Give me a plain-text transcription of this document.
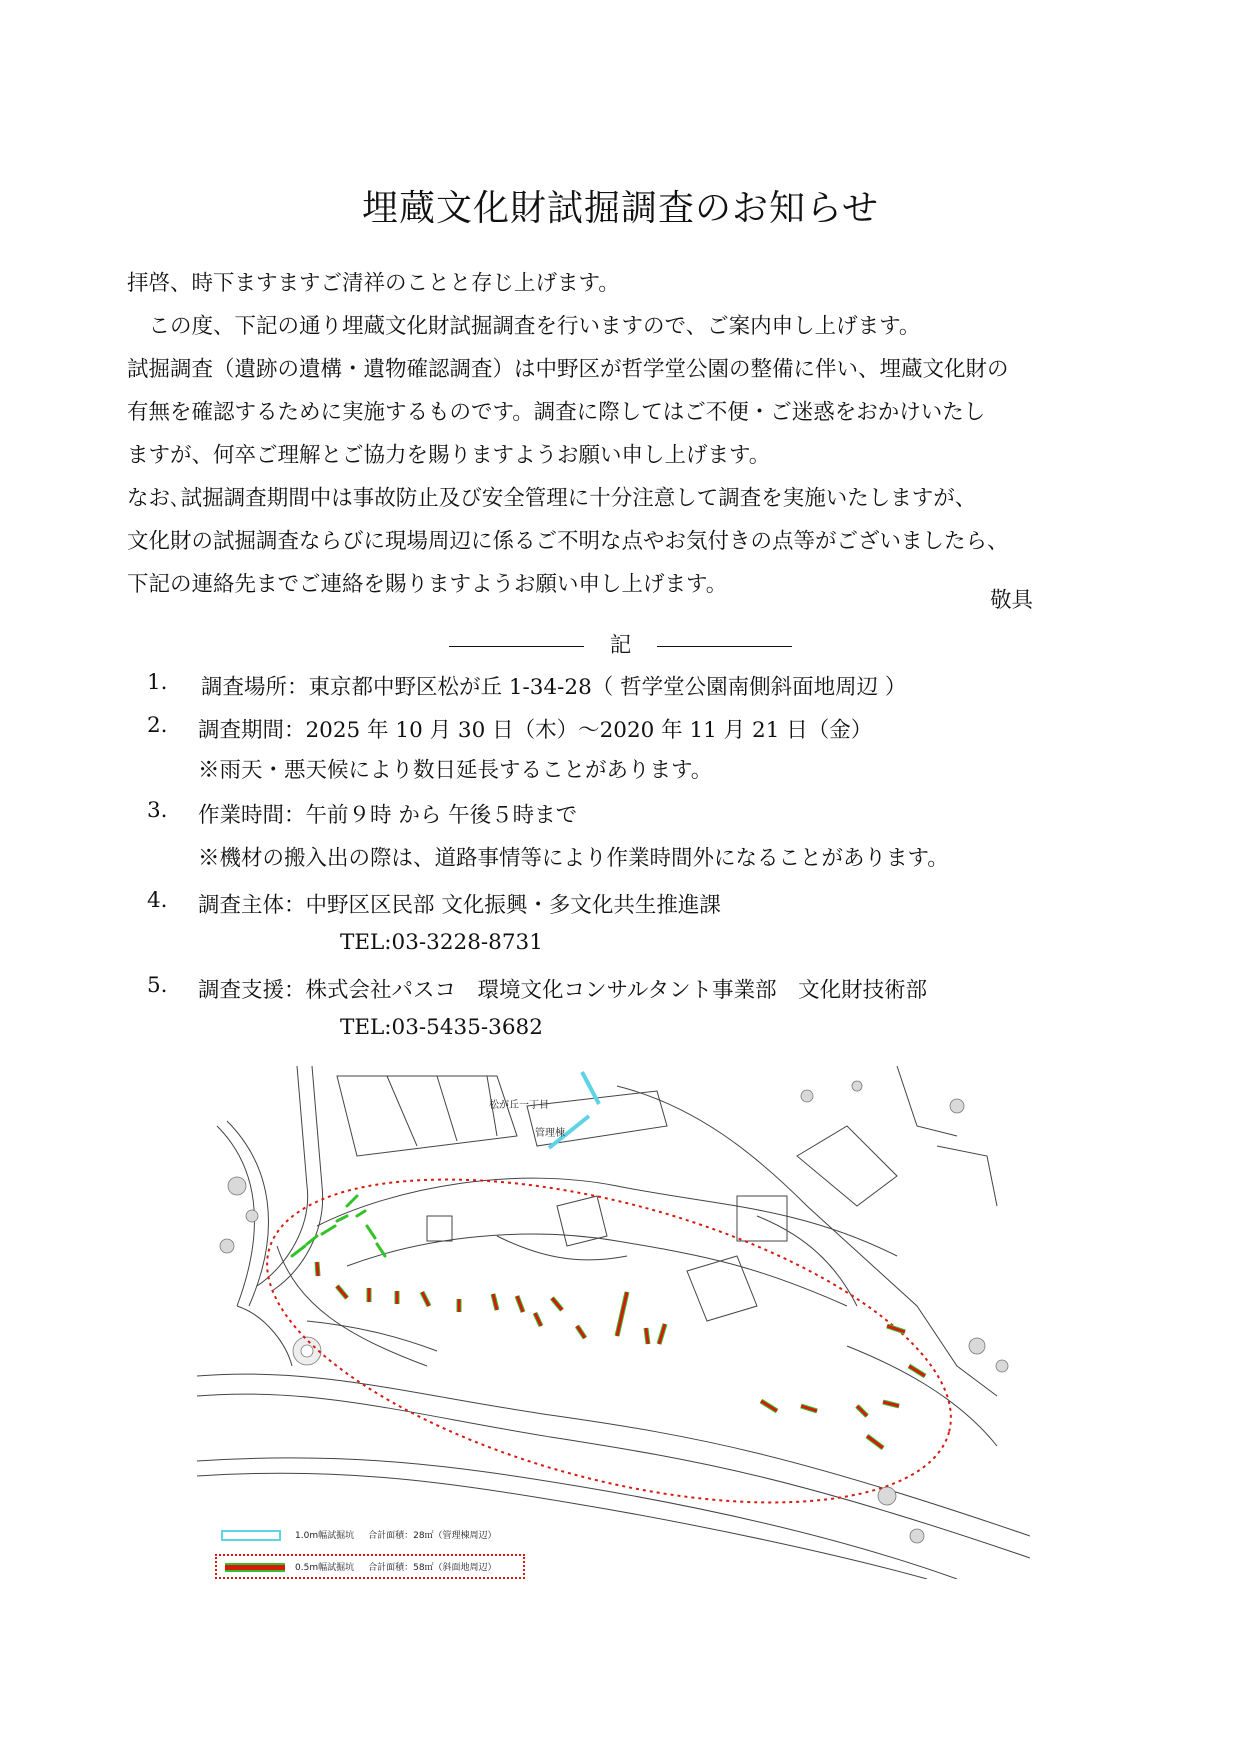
埋蔵文化財試掘調査のお知らせ
拝啓、時下ますますご清祥のことと存じ上げます。
　この度、下記の通り埋蔵文化財試掘調査を行いますので、ご案内申し上げます。
試掘調査（遺跡の遺構・遺物確認調査）は中野区が哲学堂公園の整備に伴い、埋蔵文化財の
有無を確認するために実施するものです。調査に際してはご不便・ご迷惑をおかけいたし
ますが、何卒ご理解とご協力を賜りますようお願い申し上げます。
なお､試掘調査期間中は事故防止及び安全管理に十分注意して調査を実施いたしますが、
文化財の試掘調査ならびに現場周辺に係るご不明な点やお気付きの点等がございましたら、
下記の連絡先までご連絡を賜りますようお願い申し上げます。
敬具
記
1. 調査場所：東京都中野区松が丘 1-34-28（ 哲学堂公園南側斜面地周辺 ）
2. 調査期間：2025 年 10 月 30 日（木）～2020 年 11 月 21 日（金）
※雨天・悪天候により数日延長することがあります。
3. 作業時間：午前９時 から 午後５時まで
※機材の搬入出の際は、道路事情等により作業時間外になることがあります。
4. 調査主体：中野区区民部 文化振興・多文化共生推進課
TEL:03-3228-8731
5. 調査支援：株式会社パスコ　環境文化コンサルタント事業部　文化財技術部
TEL:03-5435-3682
松が丘一丁目
管理棟
1.0m幅試掘坑 合計面積：28㎡（管理棟周辺）
0.5m幅試掘坑 合計面積：58㎡（斜面地周辺）
